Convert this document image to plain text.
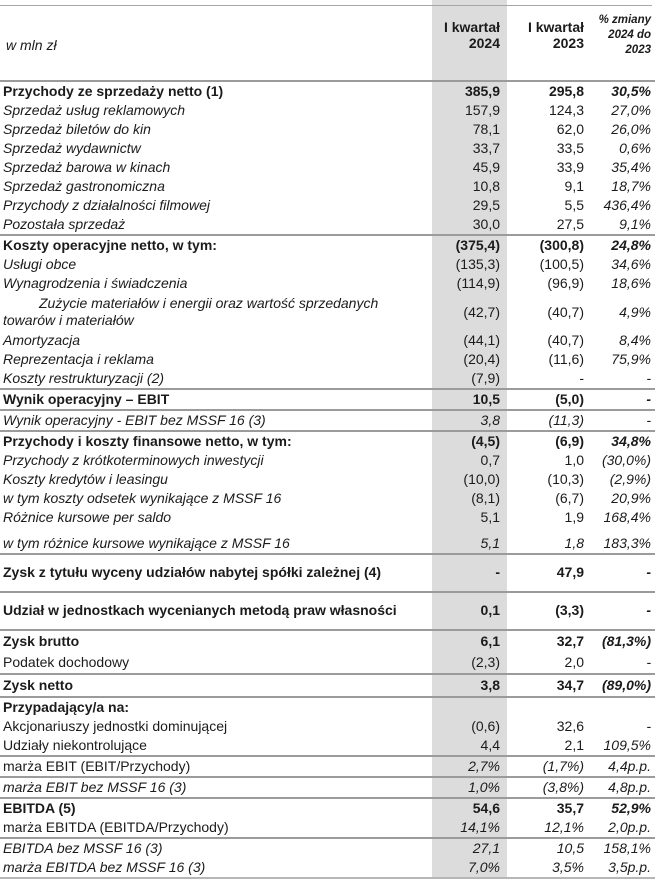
w mln zł	I kwartał 2024	I kwartał 2023	% zmiany 2024 do 2023
Przychody ze sprzedaży netto (1)	385,9	295,8	30,5%
Sprzedaż usług reklamowych	157,9	124,3	27,0%
Sprzedaż biletów do kin	78,1	62,0	26,0%
Sprzedaż wydawnictw	33,7	33,5	0,6%
Sprzedaż barowa w kinach	45,9	33,9	35,4%
Sprzedaż gastronomiczna	10,8	9,1	18,7%
Przychody z działalności filmowej	29,5	5,5	436,4%
Pozostała sprzedaż	30,0	27,5	9,1%
Koszty operacyjne netto, w tym:	(375,4)	(300,8)	24,8%
Usługi obce	(135,3)	(100,5)	34,6%
Wynagrodzenia i świadczenia	(114,9)	(96,9)	18,6%
Zużycie materiałów i energii oraz wartość sprzedanych towarów i materiałów	(42,7)	(40,7)	4,9%
Amortyzacja	(44,1)	(40,7)	8,4%
Reprezentacja i reklama	(20,4)	(11,6)	75,9%
Koszty restrukturyzacji (2)	(7,9)	-	-
Wynik operacyjny – EBIT	10,5	(5,0)	-
Wynik operacyjny - EBIT bez MSSF 16 (3)	3,8	(11,3)	-
Przychody i koszty finansowe netto, w tym:	(4,5)	(6,9)	34,8%
Przychody z krótkoterminowych inwestycji	0,7	1,0	(30,0%)
Koszty kredytów i leasingu	(10,0)	(10,3)	(2,9%)
w tym koszty odsetek wynikające z MSSF 16	(8,1)	(6,7)	20,9%
Różnice kursowe per saldo	5,1	1,9	168,4%
w tym różnice kursowe wynikające z MSSF 16	5,1	1,8	183,3%
Zysk z tytułu wyceny udziałów nabytej spółki zależnej (4)	-	47,9	-
Udział w jednostkach wycenianych metodą praw własności	0,1	(3,3)	-
Zysk brutto	6,1	32,7	(81,3%)
Podatek dochodowy	(2,3)	2,0	-
Zysk netto	3,8	34,7	(89,0%)
Przypadający/a na:			
Akcjonariuszy jednostki dominującej	(0,6)	32,6	-
Udziały niekontrolujące	4,4	2,1	109,5%
marża EBIT (EBIT/Przychody)	2,7%	(1,7%)	4,4p.p.
marża EBIT bez MSSF 16 (3)	1,0%	(3,8%)	4,8p.p.
EBITDA (5)	54,6	35,7	52,9%
marża EBITDA (EBITDA/Przychody)	14,1%	12,1%	2,0p.p.
EBITDA bez MSSF 16 (3)	27,1	10,5	158,1%
marża EBITDA bez MSSF 16 (3)	7,0%	3,5%	3,5p.p.
